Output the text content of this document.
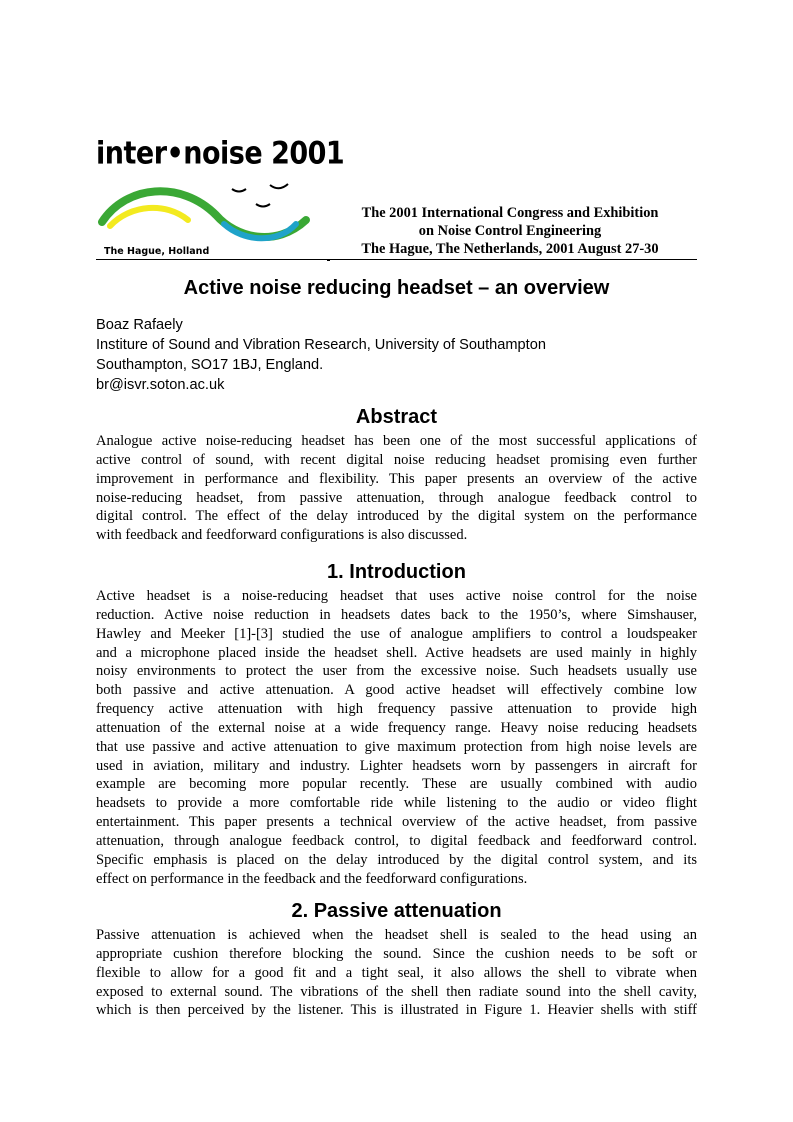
inter•noise 2001
The Hague, Holland
The 2001 International Congress and Exhibition
on Noise Control Engineering
The Hague, The Netherlands, 2001 August 27-30
Active noise reducing headset – an overview
Boaz Rafaely
Institure of Sound and Vibration Research, University of Southampton
Southampton, SO17 1BJ, England.
br@isvr.soton.ac.uk
Abstract

Analogue active noise-reducing headset has been one of the most successful applications of
active control of sound, with recent digital noise reducing headset promising even further
improvement in performance and flexibility. This paper presents an overview of the active
noise-reducing headset, from passive attenuation, through analogue feedback control to
digital control. The effect of the delay introduced by the digital system on the performance
with feedback and feedforward configurations is also discussed.

1. Introduction

Active headset is a noise-reducing headset that uses active noise control for the noise
reduction. Active noise reduction in headsets dates back to the 1950’s, where Simshauser,
Hawley and Meeker [1]-[3] studied the use of analogue amplifiers to control a loudspeaker
and a microphone placed inside the headset shell. Active headsets are used mainly in highly
noisy environments to protect the user from the excessive noise. Such headsets usually use
both passive and active attenuation. A good active headset will effectively combine low
frequency active attenuation with high frequency passive attenuation to provide high
attenuation of the external noise at a wide frequency range. Heavy noise reducing headsets
that use passive and active attenuation to give maximum protection from high noise levels are
used in aviation, military and industry. Lighter headsets worn by passengers in aircraft for
example are becoming more popular recently. These are usually combined with audio
headsets to provide a more comfortable ride while listening to the audio or video flight
entertainment. This paper presents a technical overview of the active headset, from passive
attenuation, through analogue feedback control, to digital feedback and feedforward control.
Specific emphasis is placed on the delay introduced by the digital control system, and its
effect on performance in the feedback and the feedforward configurations.

2. Passive attenuation

Passive attenuation is achieved when the headset shell is sealed to the head using an
appropriate cushion therefore blocking the sound. Since the cushion needs to be soft or
flexible to allow for a good fit and a tight seal, it also allows the shell to vibrate when
exposed to external sound. The vibrations of the shell then radiate sound into the shell cavity,
which is then perceived by the listener. This is illustrated in Figure 1. Heavier shells with stiff
